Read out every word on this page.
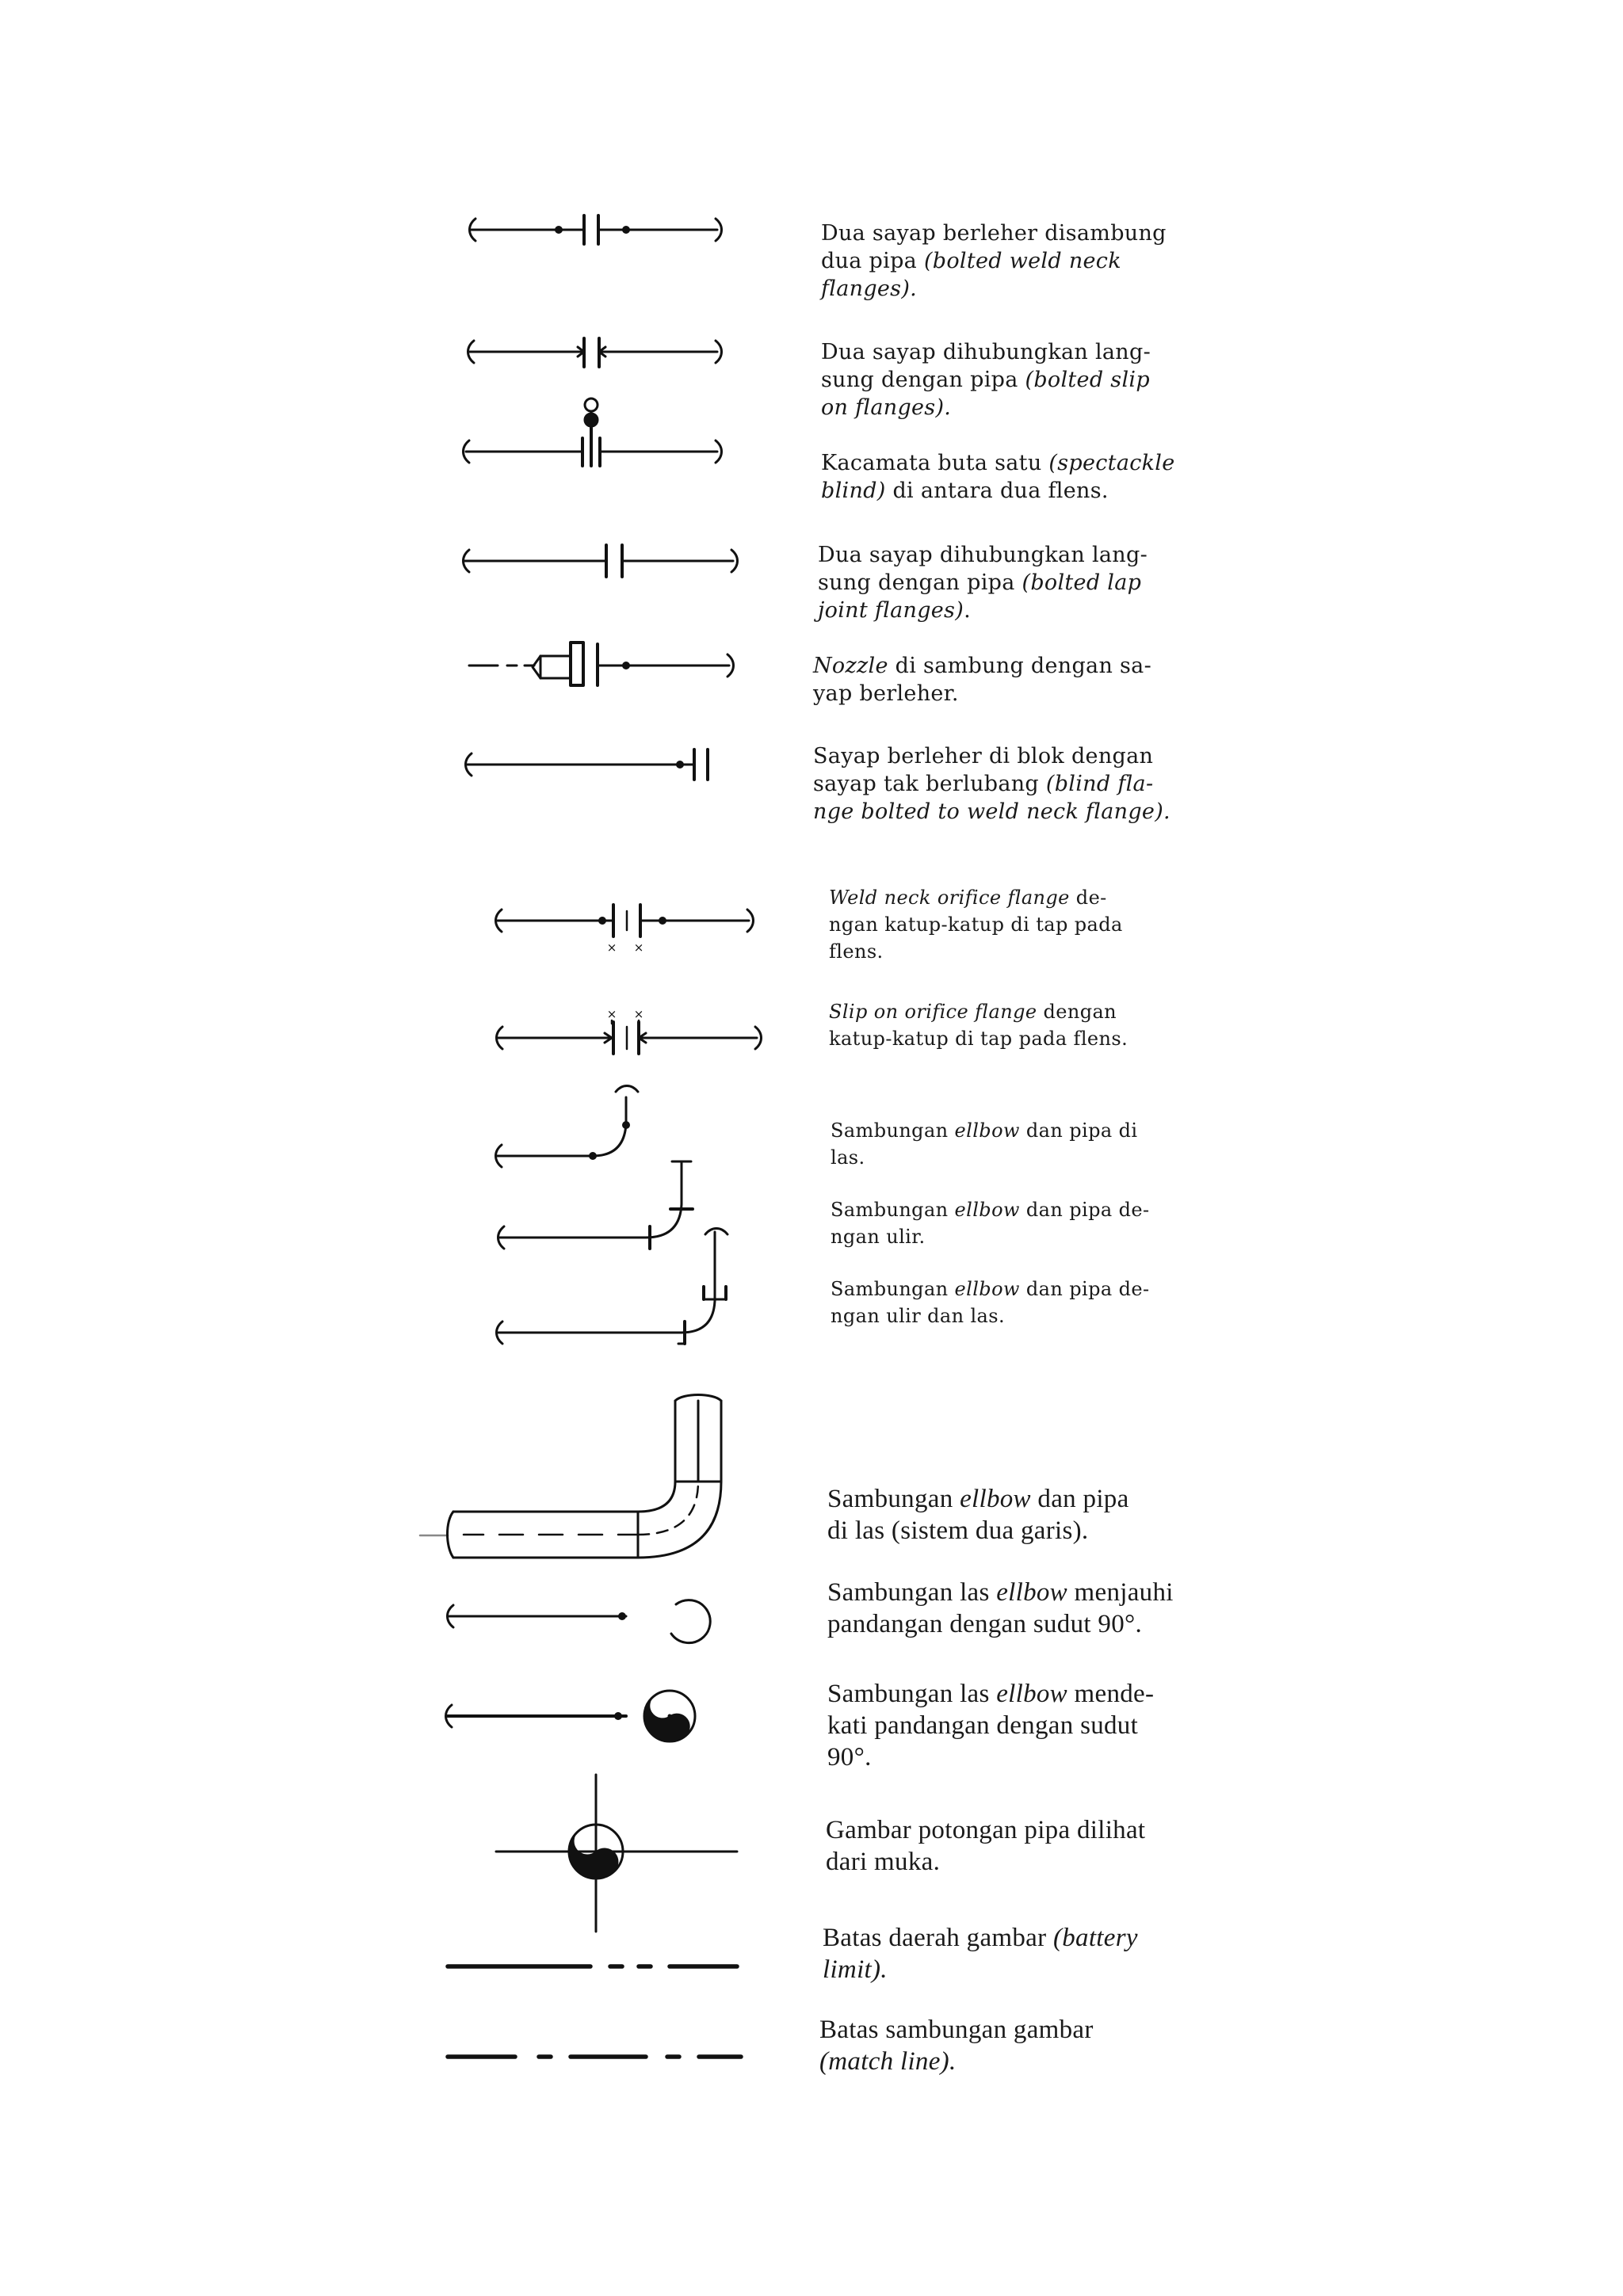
× ×
× ×
Dua sayap berleher disambung
dua pipa (bolted weld neck
flanges).
Dua sayap dihubungkan lang-
sung dengan pipa (bolted slip
on flanges).
Kacamata buta satu (spectackle
blind) di antara dua flens.
Dua sayap dihubungkan lang-
sung dengan pipa (bolted lap
joint flanges).
Nozzle di sambung dengan sa-
yap berleher.
Sayap berleher di blok dengan
sayap tak berlubang (blind fla-
nge bolted to weld neck flange).
Weld neck orifice flange de-
ngan katup-katup di tap pada
flens.
Slip on orifice flange dengan
katup-katup di tap pada flens.
Sambungan ellbow dan pipa di
las.
Sambungan ellbow dan pipa de-
ngan ulir.
Sambungan ellbow dan pipa de-
ngan ulir dan las.
Sambungan ellbow dan pipa
di las (sistem dua garis).
Sambungan las ellbow menjauhi
pandangan dengan sudut 90°.
Sambungan las ellbow mende-
kati pandangan dengan sudut
90°.
Gambar potongan pipa dilihat
dari muka.
Batas daerah gambar (battery
limit).
Batas sambungan gambar
(match line).
